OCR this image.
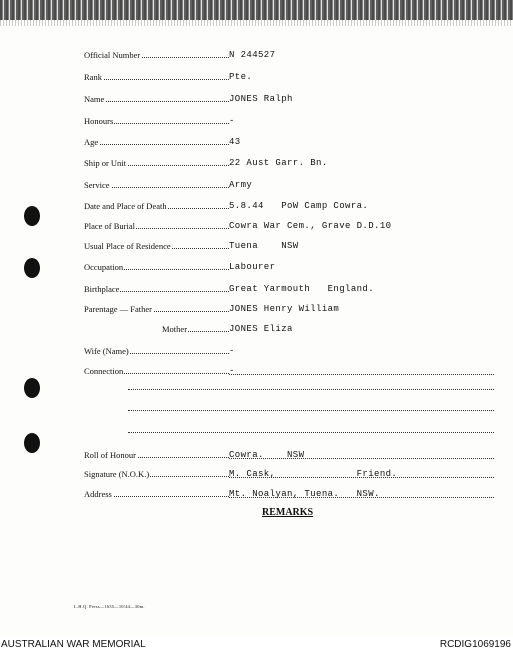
Official Number	N 244527
Rank	Pte.
Name	JONES Ralph
Honours	-
Age	43
Ship or Unit	22 Aust Garr. Bn.
Service	Army
Date and Place of Death	5.8.44   PoW Camp Cowra.
Place of Burial	Cowra War Cem., Grave D.D.10
Usual Place of Residence	Tuena    NSW
Occupation	Labourer
Birthplace	Great Yarmouth   England.
Parentage — Father	JONES Henry William
Mother	JONES Eliza
Wife (Name)	-
Connection	-
Roll of Honour	Cowra.    NSW
Signature (N.O.K.)	M. Cask,              Friend.
Address	Mt. Noalyan, Tuena.   NSW.
REMARKS
L.H.Q. Press—1635—10/44—30m.
AUSTRALIAN WAR MEMORIAL	RCDIG1069196
